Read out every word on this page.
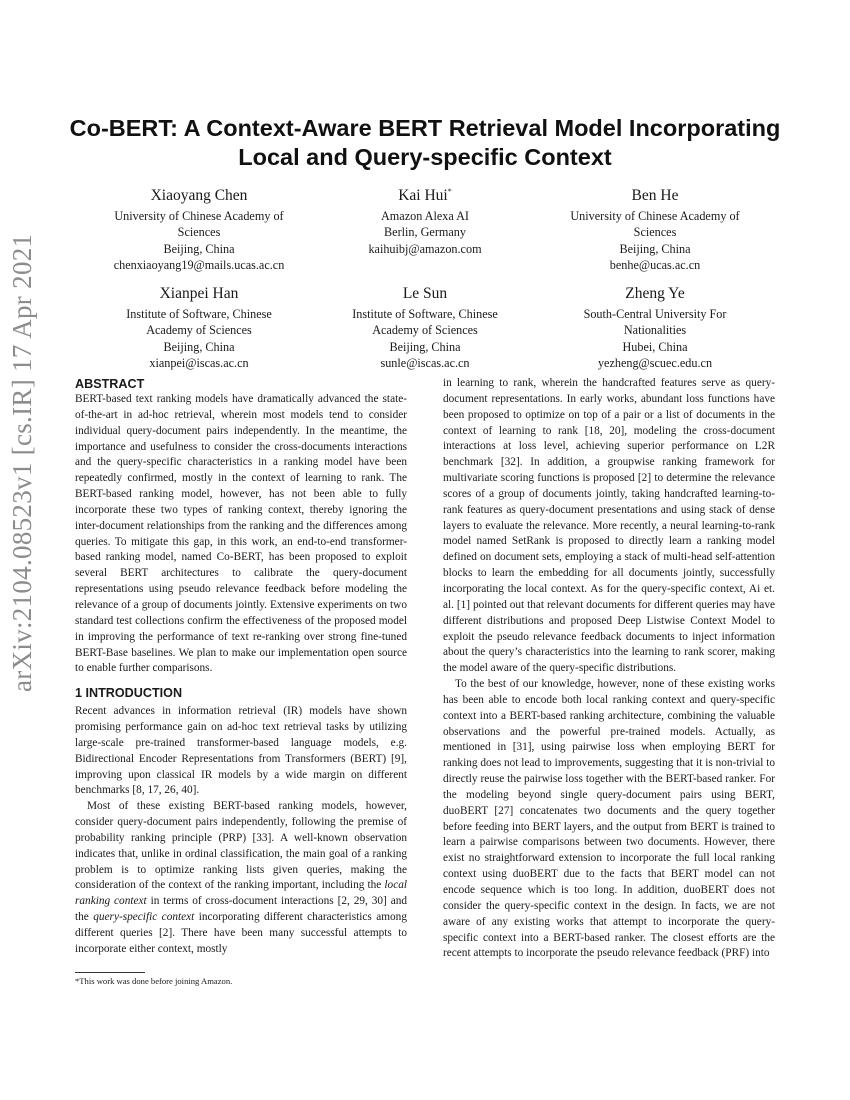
arXiv:2104.08523v1 [cs.IR] 17 Apr 2021
Co-BERT: A Context-Aware BERT Retrieval Model Incorporating Local and Query-specific Context
Xiaoyang Chen
University of Chinese Academy of
Sciences
Beijing, China
chenxiaoyang19@mails.ucas.ac.cn
Kai Hui*
Amazon Alexa AI
Berlin, Germany
kaihuibj@amazon.com
Ben He
University of Chinese Academy of
Sciences
Beijing, China
benhe@ucas.ac.cn
Xianpei Han
Institute of Software, Chinese
Academy of Sciences
Beijing, China
xianpei@iscas.ac.cn
Le Sun
Institute of Software, Chinese
Academy of Sciences
Beijing, China
sunle@iscas.ac.cn
Zheng Ye
South-Central University For
Nationalities
Hubei, China
yezheng@scuec.edu.cn
ABSTRACT

BERT-based text ranking models have dramatically advanced the state-of-the-art in ad-hoc retrieval, wherein most models tend to consider individual query-document pairs independently. In the meantime, the importance and usefulness to consider the cross-documents interactions and the query-specific characteristics in a ranking model have been repeatedly confirmed, mostly in the context of learning to rank. The BERT-based ranking model, however, has not been able to fully incorporate these two types of ranking context, thereby ignoring the inter-document relationships from the ranking and the differences among queries. To mitigate this gap, in this work, an end-to-end transformer-based ranking model, named Co-BERT, has been proposed to exploit several BERT architectures to calibrate the query-document representations using pseudo relevance feedback before modeling the relevance of a group of documents jointly. Extensive experiments on two standard test collections confirm the effectiveness of the proposed model in improving the performance of text re-ranking over strong fine-tuned BERT-Base baselines. We plan to make our implementation open source to enable further comparisons.

1 INTRODUCTION

Recent advances in information retrieval (IR) models have shown promising performance gain on ad-hoc text retrieval tasks by utilizing large-scale pre-trained transformer-based language models, e.g. Bidirectional Encoder Representations from Transformers (BERT) [9], improving upon classical IR models by a wide margin on different benchmarks [8, 17, 26, 40].

Most of these existing BERT-based ranking models, however, consider query-document pairs independently, following the premise of probability ranking principle (PRP) [33]. A well-known observation indicates that, unlike in ordinal classification, the main goal of a ranking problem is to optimize ranking lists given queries, making the consideration of the context of the ranking important, including the local ranking context in terms of cross-document interactions [2, 29, 30] and the query-specific context incorporating different characteristics among different queries [2]. There have been many successful attempts to incorporate either context, mostly

in learning to rank, wherein the handcrafted features serve as query-document representations. In early works, abundant loss functions have been proposed to optimize on top of a pair or a list of documents in the context of learning to rank [18, 20], modeling the cross-document interactions at loss level, achieving superior performance on L2R benchmark [32]. In addition, a groupwise ranking framework for multivariate scoring functions is proposed [2] to determine the relevance scores of a group of documents jointly, taking handcrafted learning-to-rank features as query-document presentations and using stack of dense layers to evaluate the relevance. More recently, a neural learning-to-rank model named SetRank is proposed to directly learn a ranking model defined on document sets, employing a stack of multi-head self-attention blocks to learn the embedding for all documents jointly, successfully incorporating the local context. As for the query-specific context, Ai et. al. [1] pointed out that relevant documents for different queries may have different distributions and proposed Deep Listwise Context Model to exploit the pseudo relevance feedback documents to inject information about the query’s characteristics into the learning to rank scorer, making the model aware of the query-specific distributions.

To the best of our knowledge, however, none of these existing works has been able to encode both local ranking context and query-specific context into a BERT-based ranking architecture, combining the valuable observations and the powerful pre-trained models. Actually, as mentioned in [31], using pairwise loss when employing BERT for ranking does not lead to improvements, suggesting that it is non-trivial to directly reuse the pairwise loss together with the BERT-based ranker. For the modeling beyond single query-document pairs using BERT, duoBERT [27] concatenates two documents and the query together before feeding into BERT layers, and the output from BERT is trained to learn a pairwise comparisons between two documents. However, there exist no straightforward extension to incorporate the full local ranking context using duoBERT due to the facts that BERT model can not encode sequence which is too long. In addition, duoBERT does not consider the query-specific context in the design. In facts, we are not aware of any existing works that attempt to incorporate the query-specific context into a BERT-based ranker. The closest efforts are the recent attempts to incorporate the pseudo relevance feedback (PRF) into

*This work was done before joining Amazon.
